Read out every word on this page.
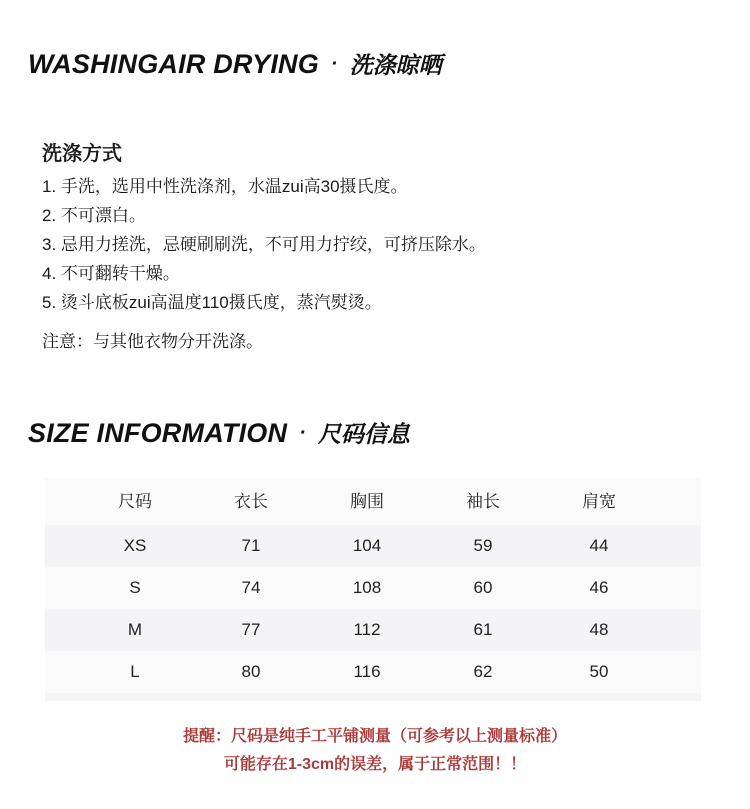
WASHINGAIR DRYING · 洗涤晾晒
洗涤方式
1. 手洗，选用中性洗涤剂，水温zui高30摄氏度。
2. 不可漂白。
3. 忌用力搓洗，忌硬刷刷洗，不可用力拧绞，可挤压除水。
4. 不可翻转干燥。
5. 烫斗底板zui高温度110摄氏度，蒸汽熨烫。
注意：与其他衣物分开洗涤。
SIZE INFORMATION · 尺码信息
尺码	衣长	胸围	袖长	肩宽
XS	71	104	59	44
S	74	108	60	46
M	77	112	61	48
L	80	116	62	50
提醒：尺码是纯手工平铺测量（可参考以上测量标准）
可能存在1-3cm的误差，属于正常范围！！
